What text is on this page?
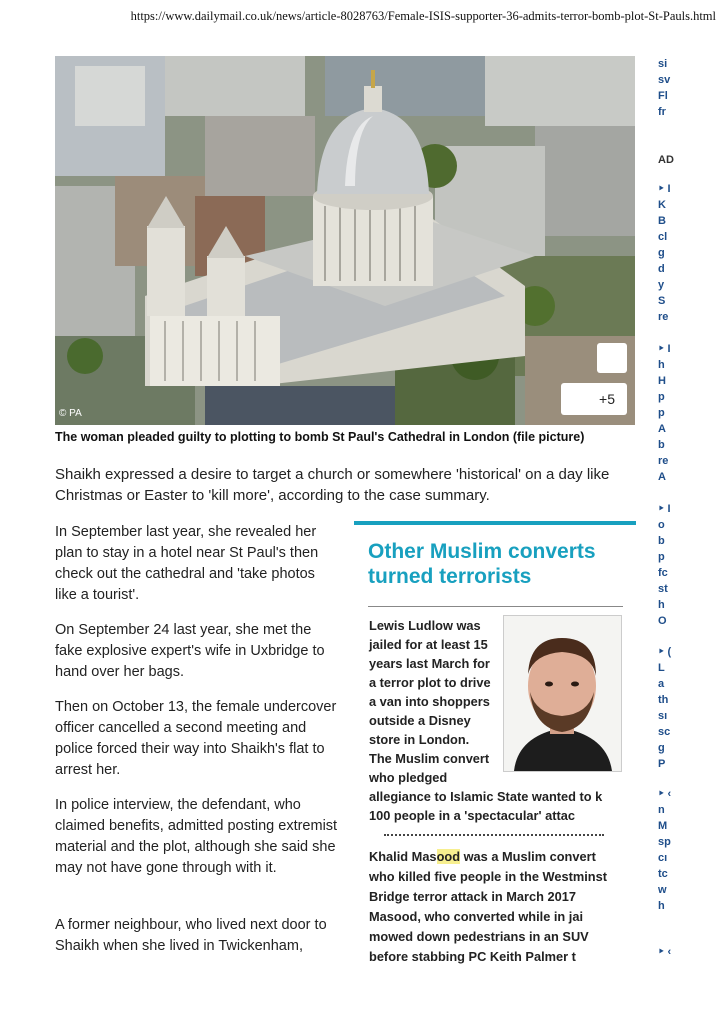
https://www.dailymail.co.uk/news/article-8028763/Female-ISIS-supporter-36-admits-terror-bomb-plot-St-Pauls.html
© PA
+5
The woman pleaded guilty to plotting to bomb St Paul's Cathedral in London (file picture)
Shaikh expressed a desire to target a church or somewhere 'historical' on a day like Christmas or Easter to 'kill more', according to the case summary.
In September last year, she revealed her plan to stay in a hotel near St Paul's then check out the cathedral and 'take photos like a tourist'.
On September 24 last year, she met the fake explosive expert's wife in Uxbridge to hand over her bags.
Then on October 13, the female undercover officer cancelled a second meeting and police forced their way into Shaikh's flat to arrest her.
In police interview, the defendant, who claimed benefits, admitted posting extremist material and the plot, although she said she may not have gone through with it.
A former neighbour, who lived next door to Shaikh when she lived in Twickenham,
Other Muslim converts turned terrorists
Lewis Ludlow was
jailed for at least 15
years last March for
a terror plot to drive
a van into shoppers
outside a Disney
store in London.
The Muslim convert
who pledged
allegiance to Islamic State wanted to k
100 people in a 'spectacular' attac
Khalid Masood was a Muslim convert
who killed five people in the Westminst
Bridge terror attack in March 2017
Masood, who converted while in jai
mowed down pedestrians in an SUV
before stabbing PC Keith Palmer t
si
sv
Fl
fr
AD
‣ I
K
B
cl
g
d
y
S
re
‣ I
h
H
p
p
A
b
re
A
‣ I
o
b
p
fc
st
h
O
‣ (
L
a
th
sı
sc
g
P
‣ ‹
n
M
sp
cı
tc
w
h
‣ ‹
